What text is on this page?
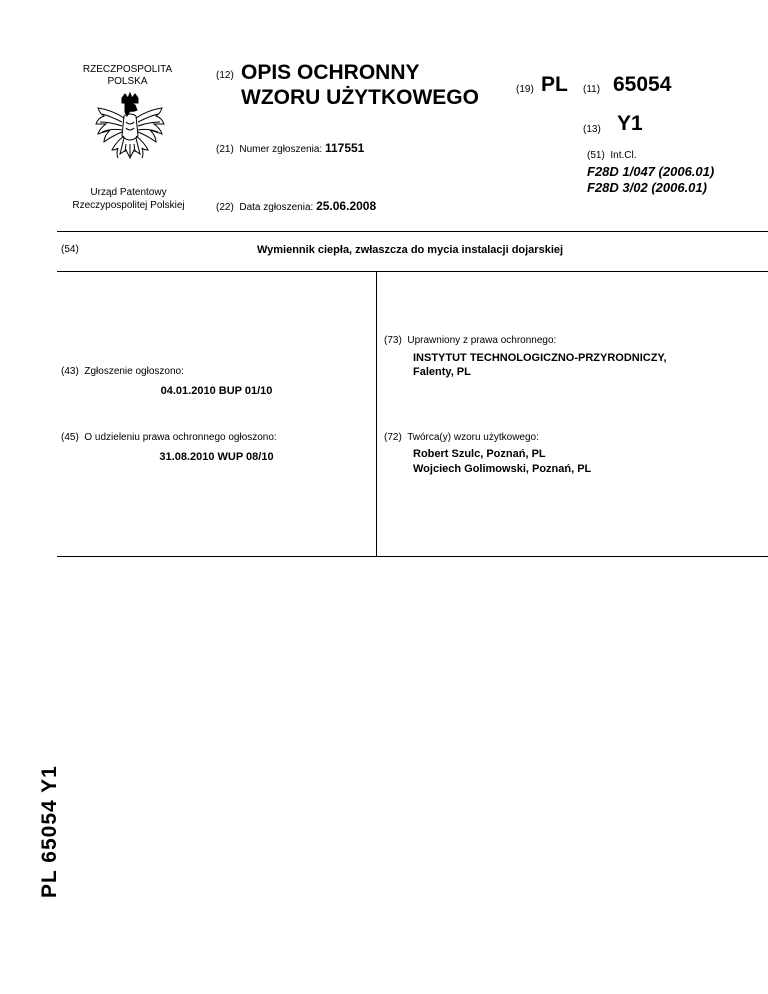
RZECZPOSPOLITA
POLSKA
Urząd Patentowy
Rzeczypospolitej Polskiej
(12) OPIS OCHRONNY
WZORU UŻYTKOWEGO	(19) PL (11) 65054
(13) Y1
(21) Numer zgłoszenia: 117551
(51) Int.Cl.
F28D 1/047 (2006.01)
F28D 3/02 (2006.01)
(22) Data zgłoszenia: 25.06.2008
(54)	Wymiennik ciepła, zwłaszcza do mycia instalacji dojarskiej
(43) Zgłoszenie ogłoszono:
04.01.2010 BUP 01/10
(45) O udzieleniu prawa ochronnego ogłoszono:
31.08.2010 WUP 08/10
(73) Uprawniony z prawa ochronnego:
INSTYTUT TECHNOLOGICZNO-PRZYRODNICZY,
Falenty, PL
(72) Twórca(y) wzoru użytkowego:
Robert Szulc, Poznań, PL
Wojciech Golimowski, Poznań, PL
PL 65054 Y1
